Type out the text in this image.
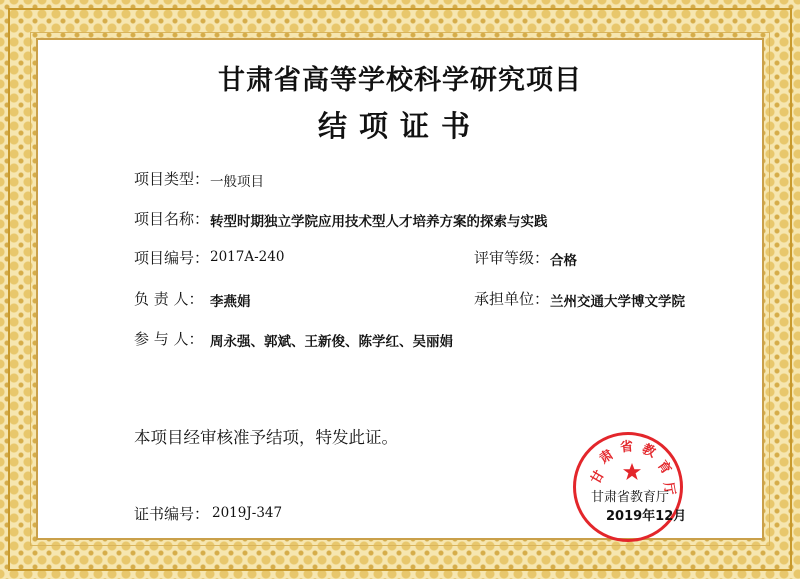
甘肃省高等学校科学研究项目
结项证书
项目类型： 一般项目
项目名称： 转型时期独立学院应用技术型人才培养方案的探索与实践
项目编号： 2017A-240	评审等级： 合格
负 责 人： 李燕娟	承担单位： 兰州交通大学博文学院
参 与 人： 周永强、郭斌、王新俊、陈学红、吴丽娟
本项目经审核准予结项，特发此证。
证书编号： 2019J-347
甘
肃 省 教
育
厅
甘肃省教育厅
2019年12月
